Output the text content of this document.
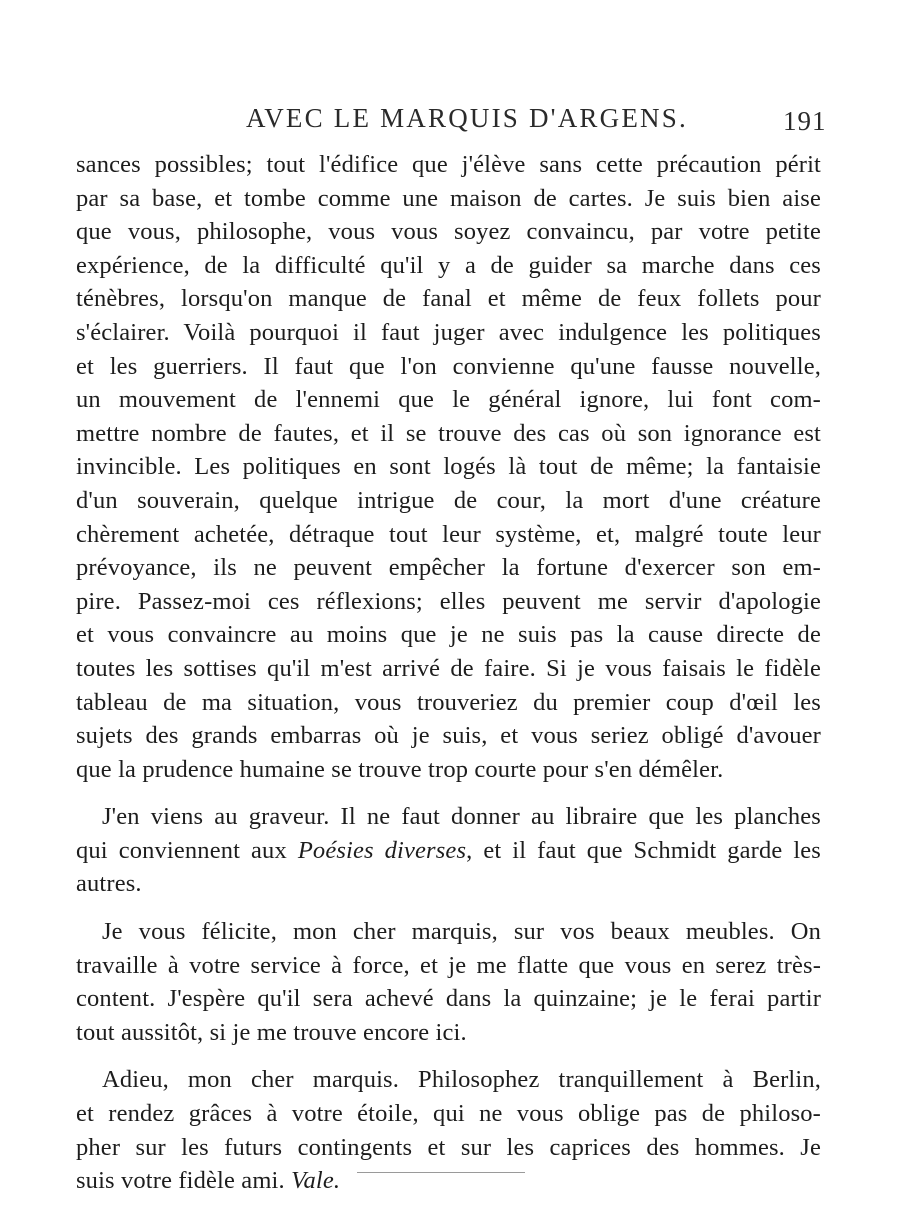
AVEC LE MARQUIS D'ARGENS.	191
sances possibles; tout l'édifice que j'élève sans cette précaution périt
par sa base, et tombe comme une maison de cartes. Je suis bien aise
que vous, philosophe, vous vous soyez convaincu, par votre petite
expérience, de la difficulté qu'il y a de guider sa marche dans ces
ténèbres, lorsqu'on manque de fanal et même de feux follets pour
s'éclairer. Voilà pourquoi il faut juger avec indulgence les politiques
et les guerriers. Il faut que l'on convienne qu'une fausse nouvelle,
un mouvement de l'ennemi que le général ignore, lui font com-
mettre nombre de fautes, et il se trouve des cas où son ignorance est
invincible. Les politiques en sont logés là tout de même; la fantaisie
d'un souverain, quelque intrigue de cour, la mort d'une créature
chèrement achetée, détraque tout leur système, et, malgré toute leur
prévoyance, ils ne peuvent empêcher la fortune d'exercer son em-
pire. Passez-moi ces réflexions; elles peuvent me servir d'apologie
et vous convaincre au moins que je ne suis pas la cause directe de
toutes les sottises qu'il m'est arrivé de faire. Si je vous faisais le fidèle
tableau de ma situation, vous trouveriez du premier coup d'œil les
sujets des grands embarras où je suis, et vous seriez obligé d'avouer
que la prudence humaine se trouve trop courte pour s'en démêler.
J'en viens au graveur. Il ne faut donner au libraire que les planches
qui conviennent aux Poésies diverses, et il faut que Schmidt garde les
autres.
Je vous félicite, mon cher marquis, sur vos beaux meubles. On
travaille à votre service à force, et je me flatte que vous en serez très-
content. J'espère qu'il sera achevé dans la quinzaine; je le ferai partir
tout aussitôt, si je me trouve encore ici.
Adieu, mon cher marquis. Philosophez tranquillement à Berlin,
et rendez grâces à votre étoile, qui ne vous oblige pas de philoso-
pher sur les futurs contingents et sur les caprices des hommes. Je
suis votre fidèle ami. Vale.
